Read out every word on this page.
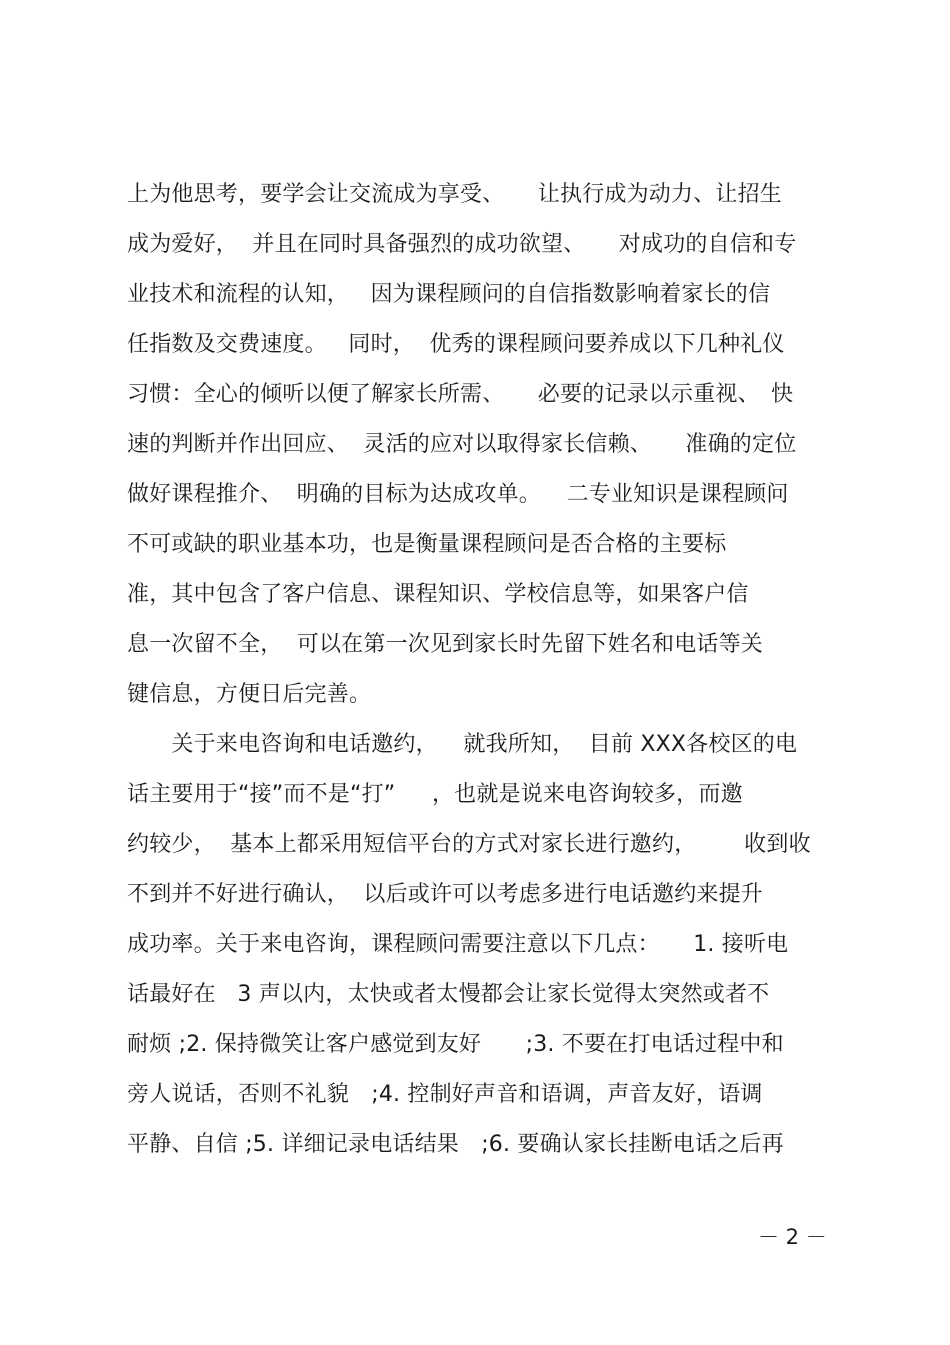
上为他思考，要学会让交流成为享受、　　让执行成为动力、让招生
成为爱好，  并且在同时具备强烈的成功欲望、　　对成功的自信和专
业技术和流程的认知，   因为课程顾问的自信指数影响着家长的信
任指数及交费速度。   同时，  优秀的课程顾问要养成以下几种礼仪
习惯：全心的倾听以便了解家长所需、　　必要的记录以示重视、　快
速的判断并作出回应、  灵活的应对以取得家长信赖、　　准确的定位
做好课程推介、  明确的目标为达成攻单。　  二专业知识是课程顾问
不可或缺的职业基本功，也是衡量课程顾问是否合格的主要标
准，其中包含了客户信息、课程知识、学校信息等，如果客户信
息一次留不全，  可以在第一次见到家长时先留下姓名和电话等关
键信息，方便日后完善。
　　关于来电咨询和电话邀约，　  就我所知，  目前 XXX各校区的电
话主要用于“接”而不是“打”　  ，也就是说来电咨询较多，而邀
约较少，  基本上都采用短信平台的方式对家长进行邀约，　　  收到收
不到并不好进行确认，  以后或许可以考虑多进行电话邀约来提升
成功率。关于来电咨询，课程顾问需要注意以下几点：　　1. 接听电
话最好在   3 声以内，太快或者太慢都会让家长觉得太突然或者不
耐烦 ;2. 保持微笑让客户感觉到友好　　;3. 不要在打电话过程中和
旁人说话，否则不礼貌　;4. 控制好声音和语调，声音友好，语调
平静、自信 ;5. 详细记录电话结果　;6. 要确认家长挂断电话之后再
－ 2 －
